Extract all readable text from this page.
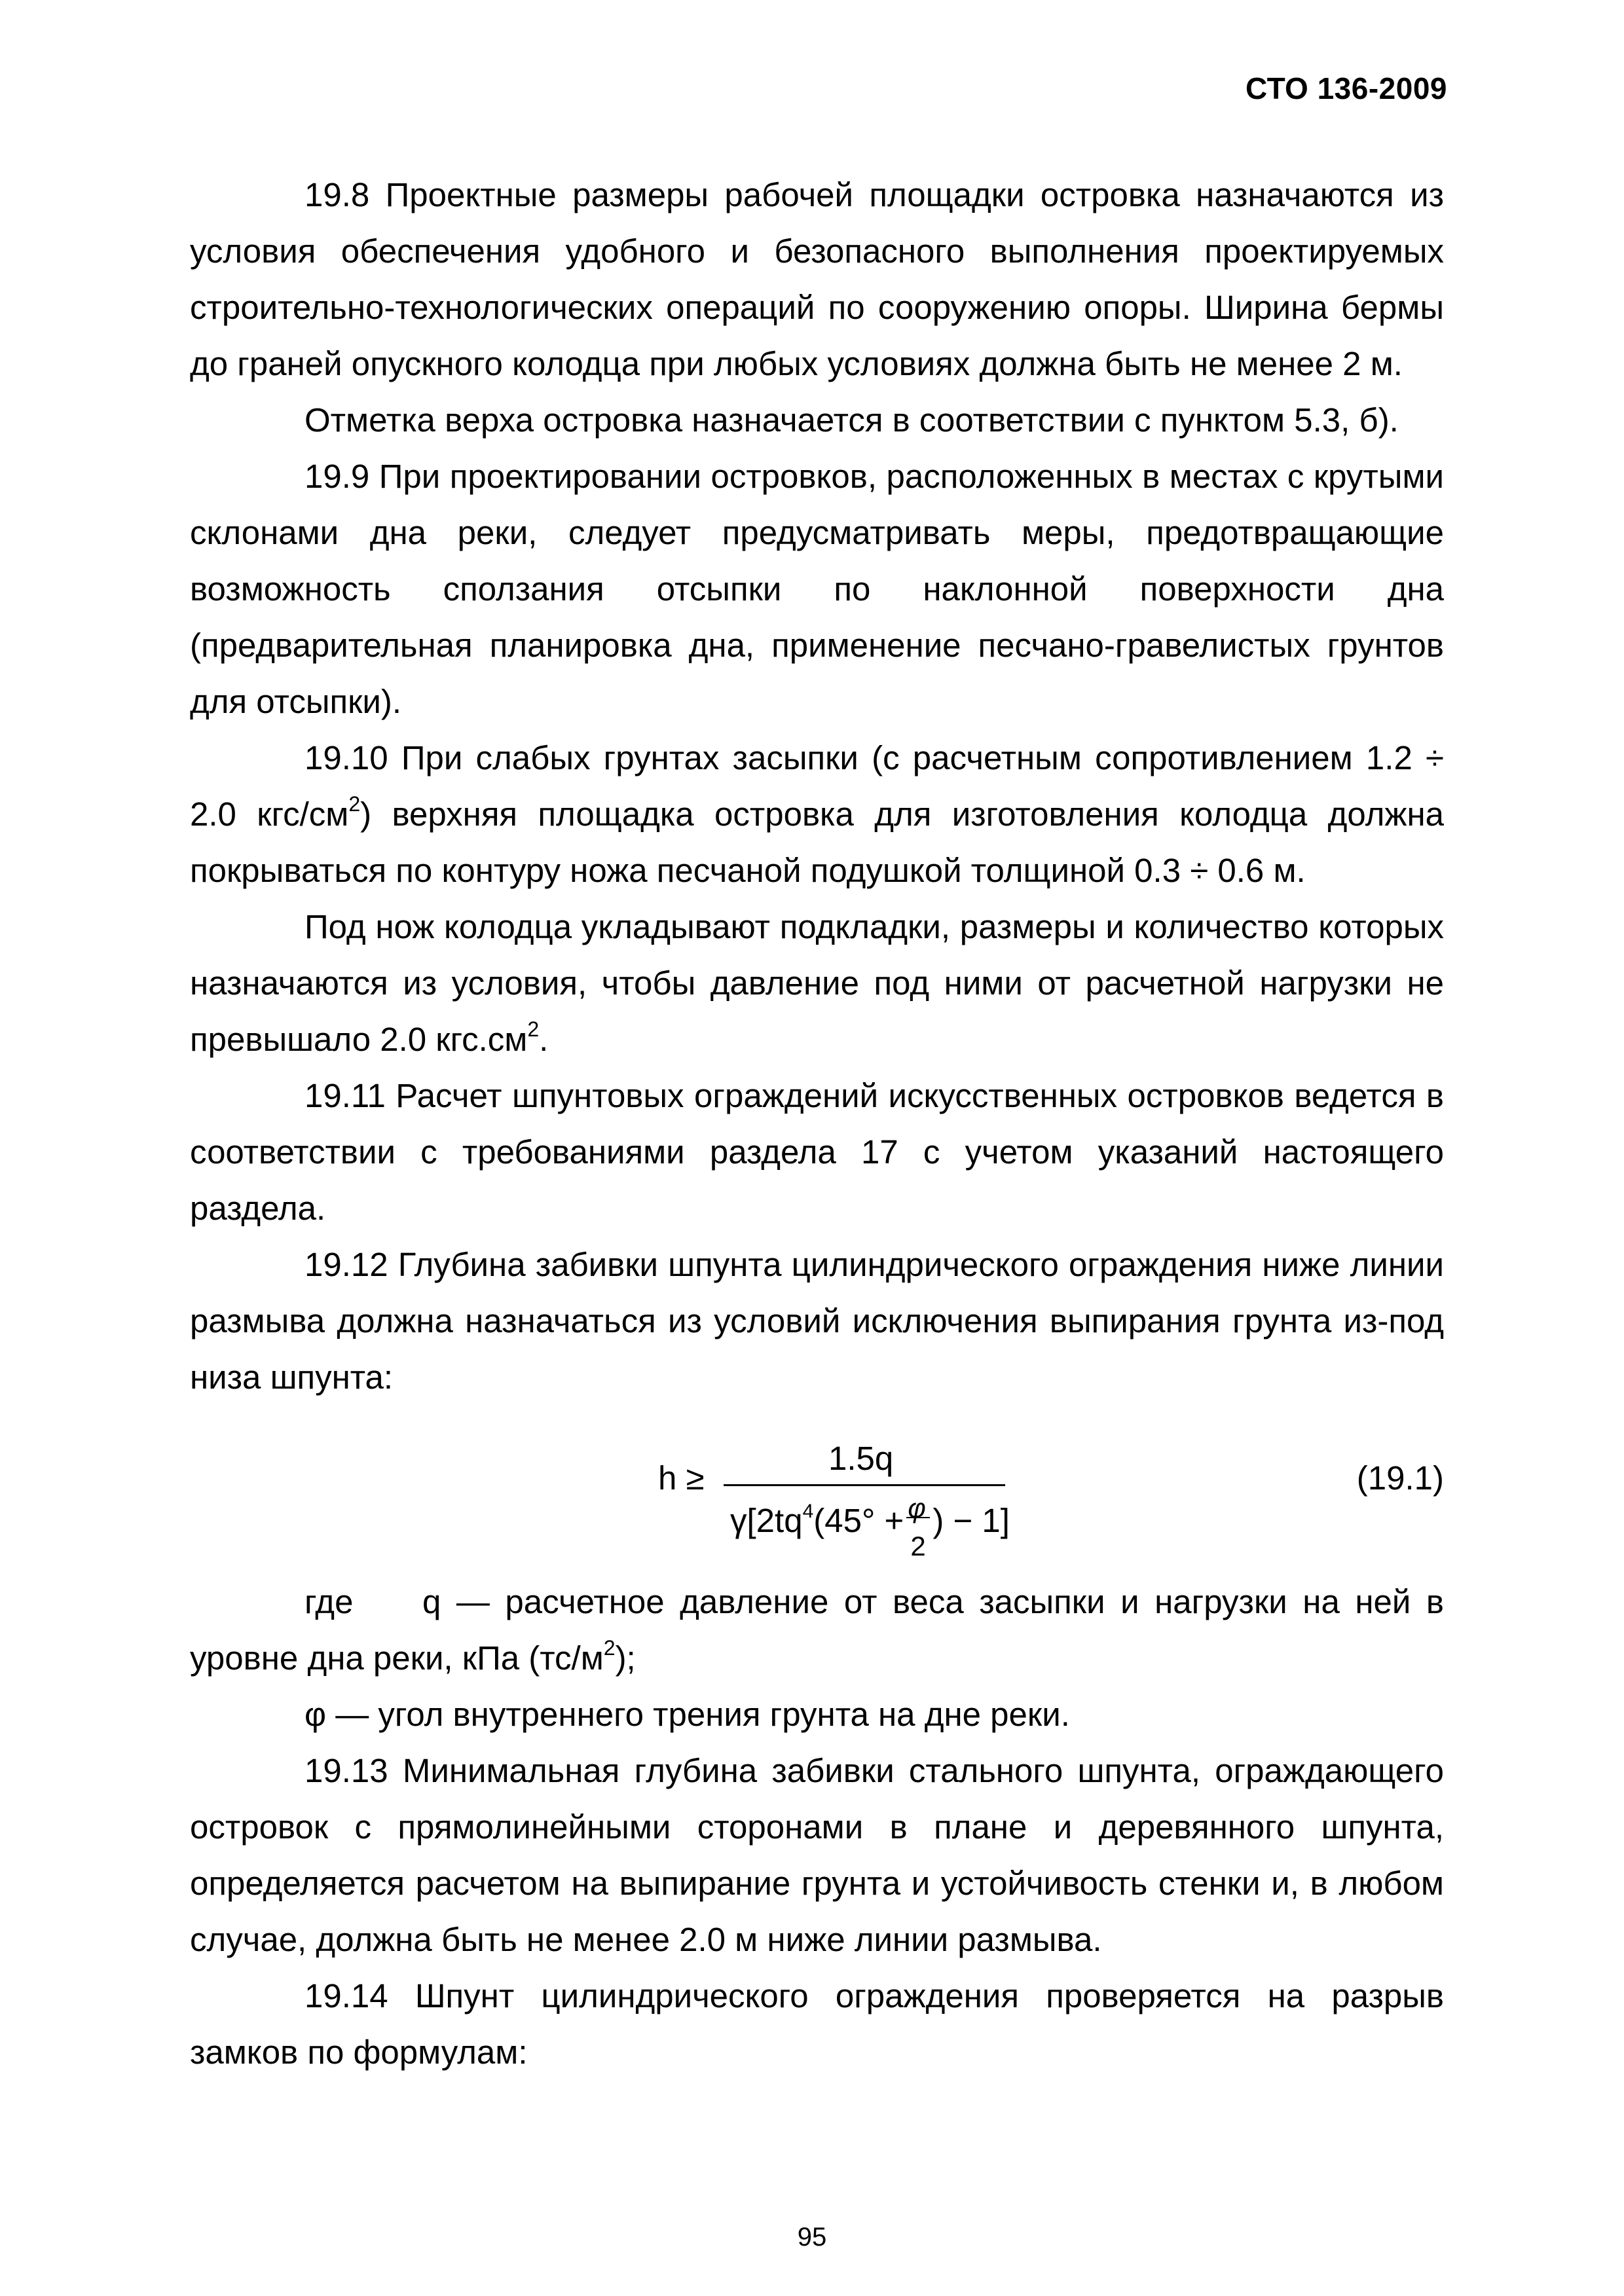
СТО 136-2009

19.8 Проектные размеры рабочей площадки островка назначаются из условия обеспечения удобного и безопасного выполнения проектируемых строительно-технологических операций по сооружению опоры. Ширина бермы до граней опускного колодца при любых условиях должна быть не менее 2 м.

Отметка верха островка назначается в соответствии с пунктом 5.3, б).

19.9 При проектировании островков, расположенных в местах с крутыми склонами дна реки, следует предусматривать меры, предотвращающие возможность сползания отсыпки по наклонной поверхности дна (предварительная планировка дна, применение песчано-гравелистых грунтов для отсыпки).

19.10 При слабых грунтах засыпки (с расчетным сопротивлением 1.2 ÷ 2.0 кгс/$см^2$) верхняя площадка островка для изготовления колодца должна покрываться по контуру ножа песчаной подушкой толщиной 0.3 ÷ 0.6 м.

Под нож колодца укладывают подкладки, размеры и количество которых назначаются из условия, чтобы давление под ними от расчетной нагрузки не превышало 2.0 $кгс.см^2$.

19.11 Расчет шпунтовых ограждений искусственных островков ведется в соответствии с требованиями раздела 17 с учетом указаний настоящего раздела.

19.12 Глубина забивки шпунта цилиндрического ограждения ниже линии размыва должна назначаться из условий исключения выпирания грунта из-под низа шпунта:

h ≥
1.5q
$\gamma[2tq^4(45^\circ + \varphi$
2
) − 1]
(19.1)

где q — расчетное давление от веса засыпки и нагрузки на ней в уровне дна реки, кПа $(тс/м^2)$;

φ — угол внутреннего трения грунта на дне реки.

19.13 Минимальная глубина забивки стального шпунта, ограждающего островок с прямолинейными сторонами в плане и деревянного шпунта, определяется расчетом на выпирание грунта и устойчивость стенки и, в любом случае, должна быть не менее 2.0 м ниже линии размыва.

19.14 Шпунт цилиндрического ограждения проверяется на разрыв замков по формулам:

95
